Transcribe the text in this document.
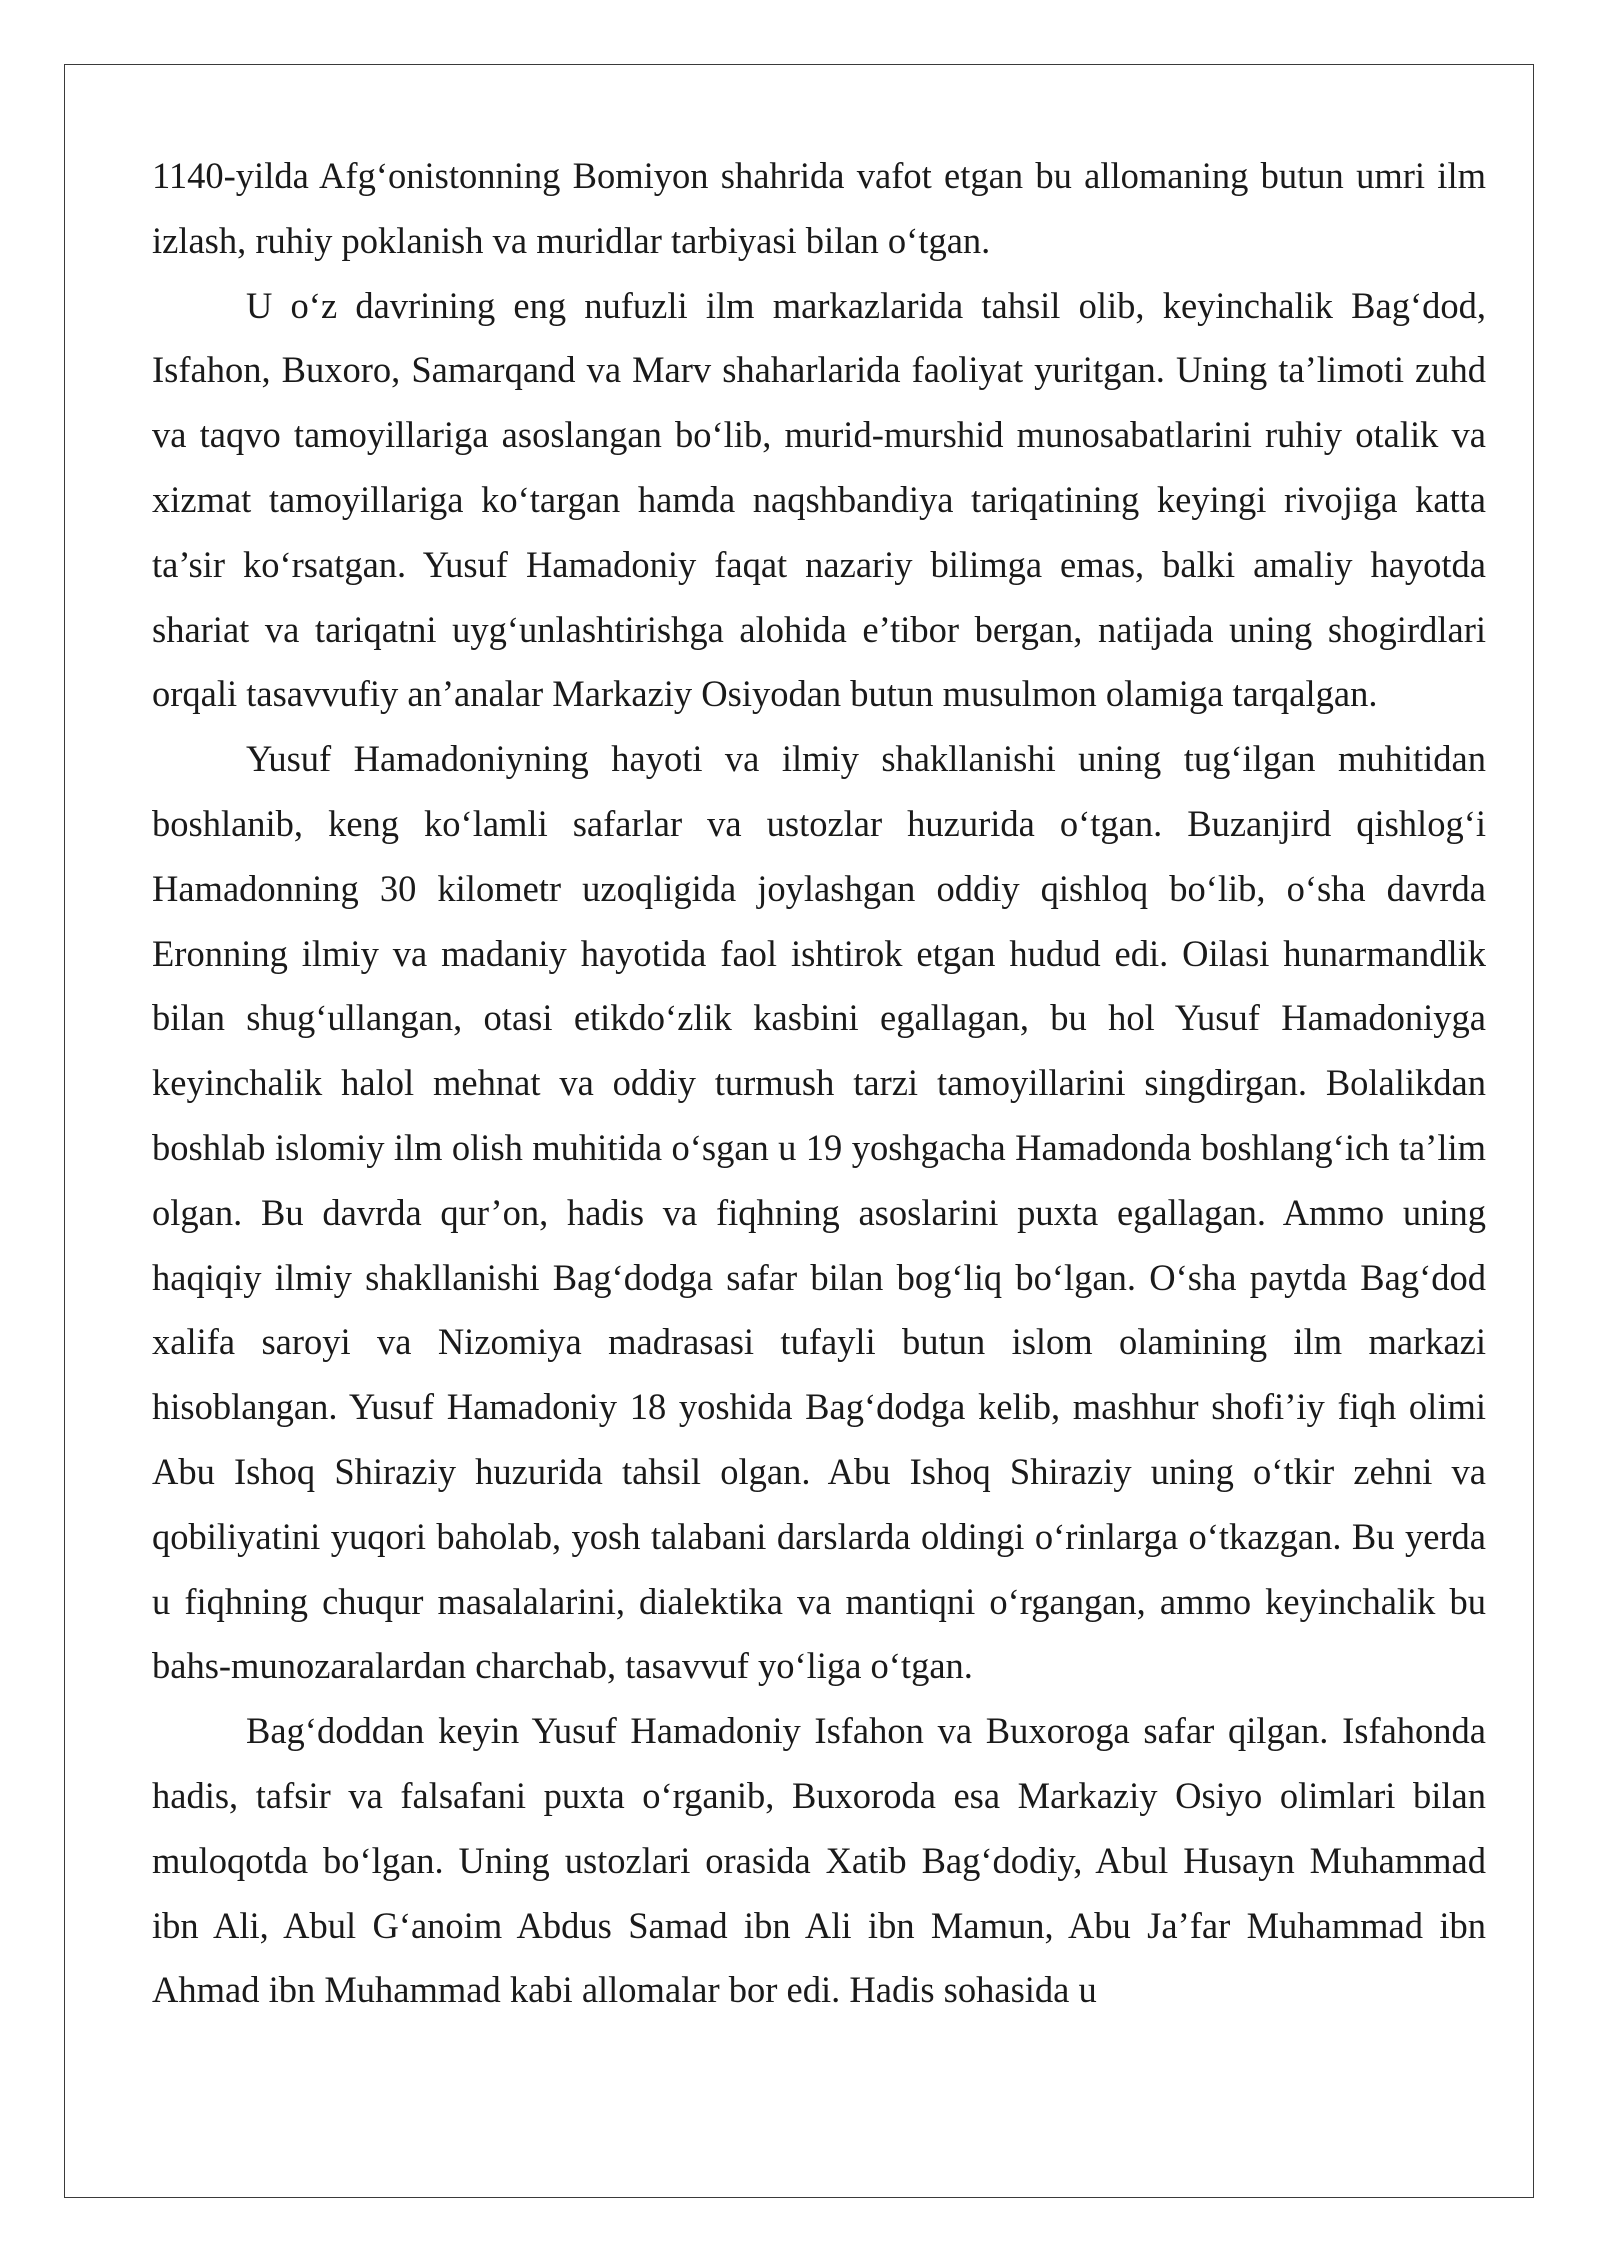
1140-yilda Afg‘onistonning Bomiyon shahrida vafot etgan bu allomaning butun umri ilm izlash, ruhiy poklanish va muridlar tarbiyasi bilan o‘tgan.

U o‘z davrining eng nufuzli ilm markazlarida tahsil olib, keyinchalik Bag‘dod, Isfahon, Buxoro, Samarqand va Marv shaharlarida faoliyat yuritgan. Uning ta’limoti zuhd va taqvo tamoyillariga asoslangan bo‘lib, murid-murshid munosabatlarini ruhiy otalik va xizmat tamoyillariga ko‘targan hamda naqshbandiya tariqatining keyingi rivojiga katta ta’sir ko‘rsatgan. Yusuf Hamadoniy faqat nazariy bilimga emas, balki amaliy hayotda shariat va tariqatni uyg‘unlashtirishga alohida e’tibor bergan, natijada uning shogirdlari orqali tasavvufiy an’analar Markaziy Osiyodan butun musulmon olamiga tarqalgan.

Yusuf Hamadoniyning hayoti va ilmiy shakllanishi uning tug‘ilgan muhitidan boshlanib, keng ko‘lamli safarlar va ustozlar huzurida o‘tgan. Buzanjird qishlog‘i Hamadonning 30 kilometr uzoqligida joylashgan oddiy qishloq bo‘lib, o‘sha davrda Eronning ilmiy va madaniy hayotida faol ishtirok etgan hudud edi. Oilasi hunarmandlik bilan shug‘ullangan, otasi etikdo‘zlik kasbini egallagan, bu hol Yusuf Hamadoniyga keyinchalik halol mehnat va oddiy turmush tarzi tamoyillarini singdirgan. Bolalikdan boshlab islomiy ilm olish muhitida o‘sgan u 19 yoshgacha Hamadonda boshlang‘ich ta’lim olgan. Bu davrda qur’on, hadis va fiqhning asoslarini puxta egallagan. Ammo uning haqiqiy ilmiy shakllanishi Bag‘dodga safar bilan bog‘liq bo‘lgan. O‘sha paytda Bag‘dod xalifa saroyi va Nizomiya madrasasi tufayli butun islom olamining ilm markazi hisoblangan. Yusuf Hamadoniy 18 yoshida Bag‘dodga kelib, mashhur shofi’iy fiqh olimi Abu Ishoq Shiraziy huzurida tahsil olgan. Abu Ishoq Shiraziy uning o‘tkir zehni va qobiliyatini yuqori baholab, yosh talabani darslarda oldingi o‘rinlarga o‘tkazgan. Bu yerda u fiqhning chuqur masalalarini, dialektika va mantiqni o‘rgangan, ammo keyinchalik bu bahs-munozaralardan charchab, tasavvuf yo‘liga o‘tgan.

Bag‘doddan keyin Yusuf Hamadoniy Isfahon va Buxoroga safar qilgan. Isfahonda hadis, tafsir va falsafani puxta o‘rganib, Buxoroda esa Markaziy Osiyo olimlari bilan muloqotda bo‘lgan. Uning ustozlari orasida Xatib Bag‘dodiy, Abul Husayn Muhammad ibn Ali, Abul G‘anoim Abdus Samad ibn Ali ibn Mamun, Abu Ja’far Muhammad ibn Ahmad ibn Muhammad kabi allomalar bor edi. Hadis sohasida u
